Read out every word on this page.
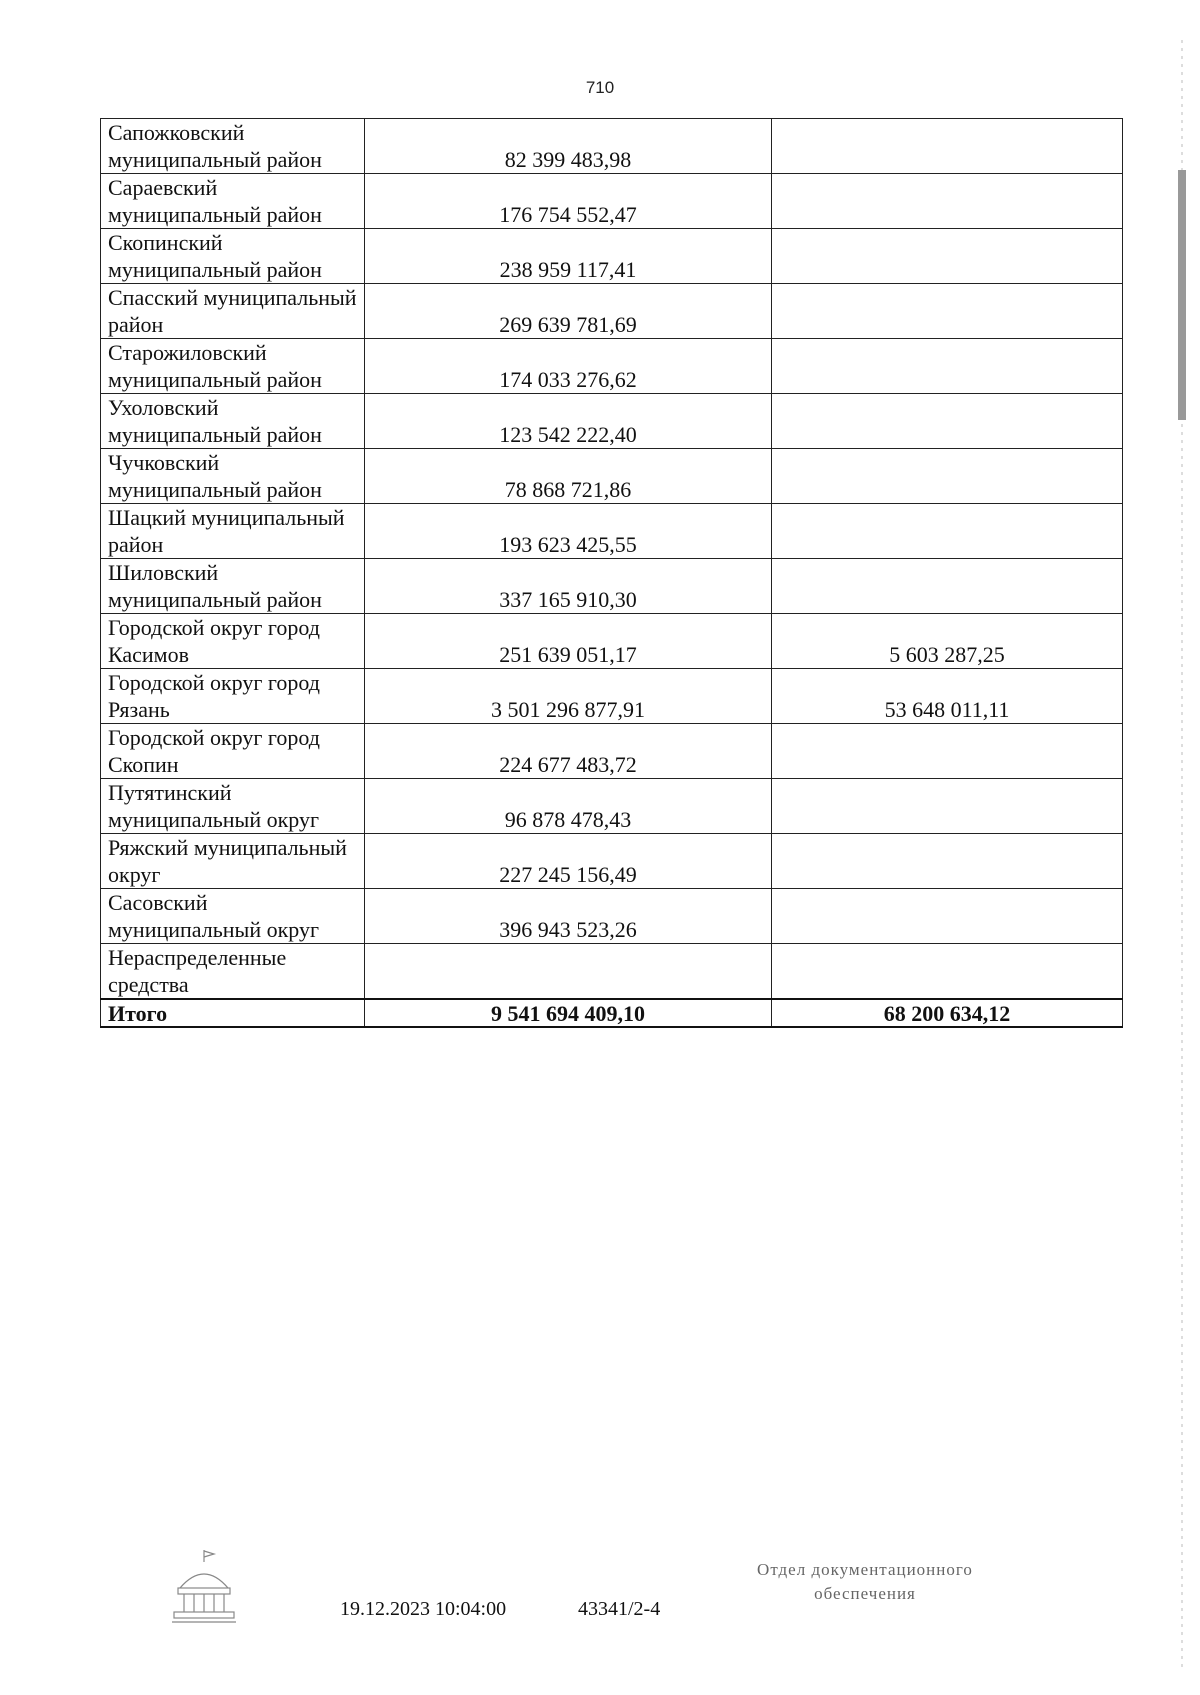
710
Сапожковский муниципальный район	82 399 483,98	
Сараевский муниципальный район	176 754 552,47	
Скопинский муниципальный район	238 959 117,41	
Спасский муниципальный район	269 639 781,69	
Старожиловский муниципальный район	174 033 276,62	
Ухоловский муниципальный район	123 542 222,40	
Чучковский муниципальный район	78 868 721,86	
Шацкий муниципальный район	193 623 425,55	
Шиловский муниципальный район	337 165 910,30	
Городской округ город Касимов	251 639 051,17	5 603 287,25
Городской округ город Рязань	3 501 296 877,91	53 648 011,11
Городской округ город Скопин	224 677 483,72	
Путятинский муниципальный округ	96 878 478,43	
Ряжский муниципальный округ	227 245 156,49	
Сасовский муниципальный округ	396 943 523,26	
Нераспределенные средства		
Итого	9 541 694 409,10	68 200 634,12
19.12.2023 10:04:00	43341/2-4
Отдел документационного
обеспечения
